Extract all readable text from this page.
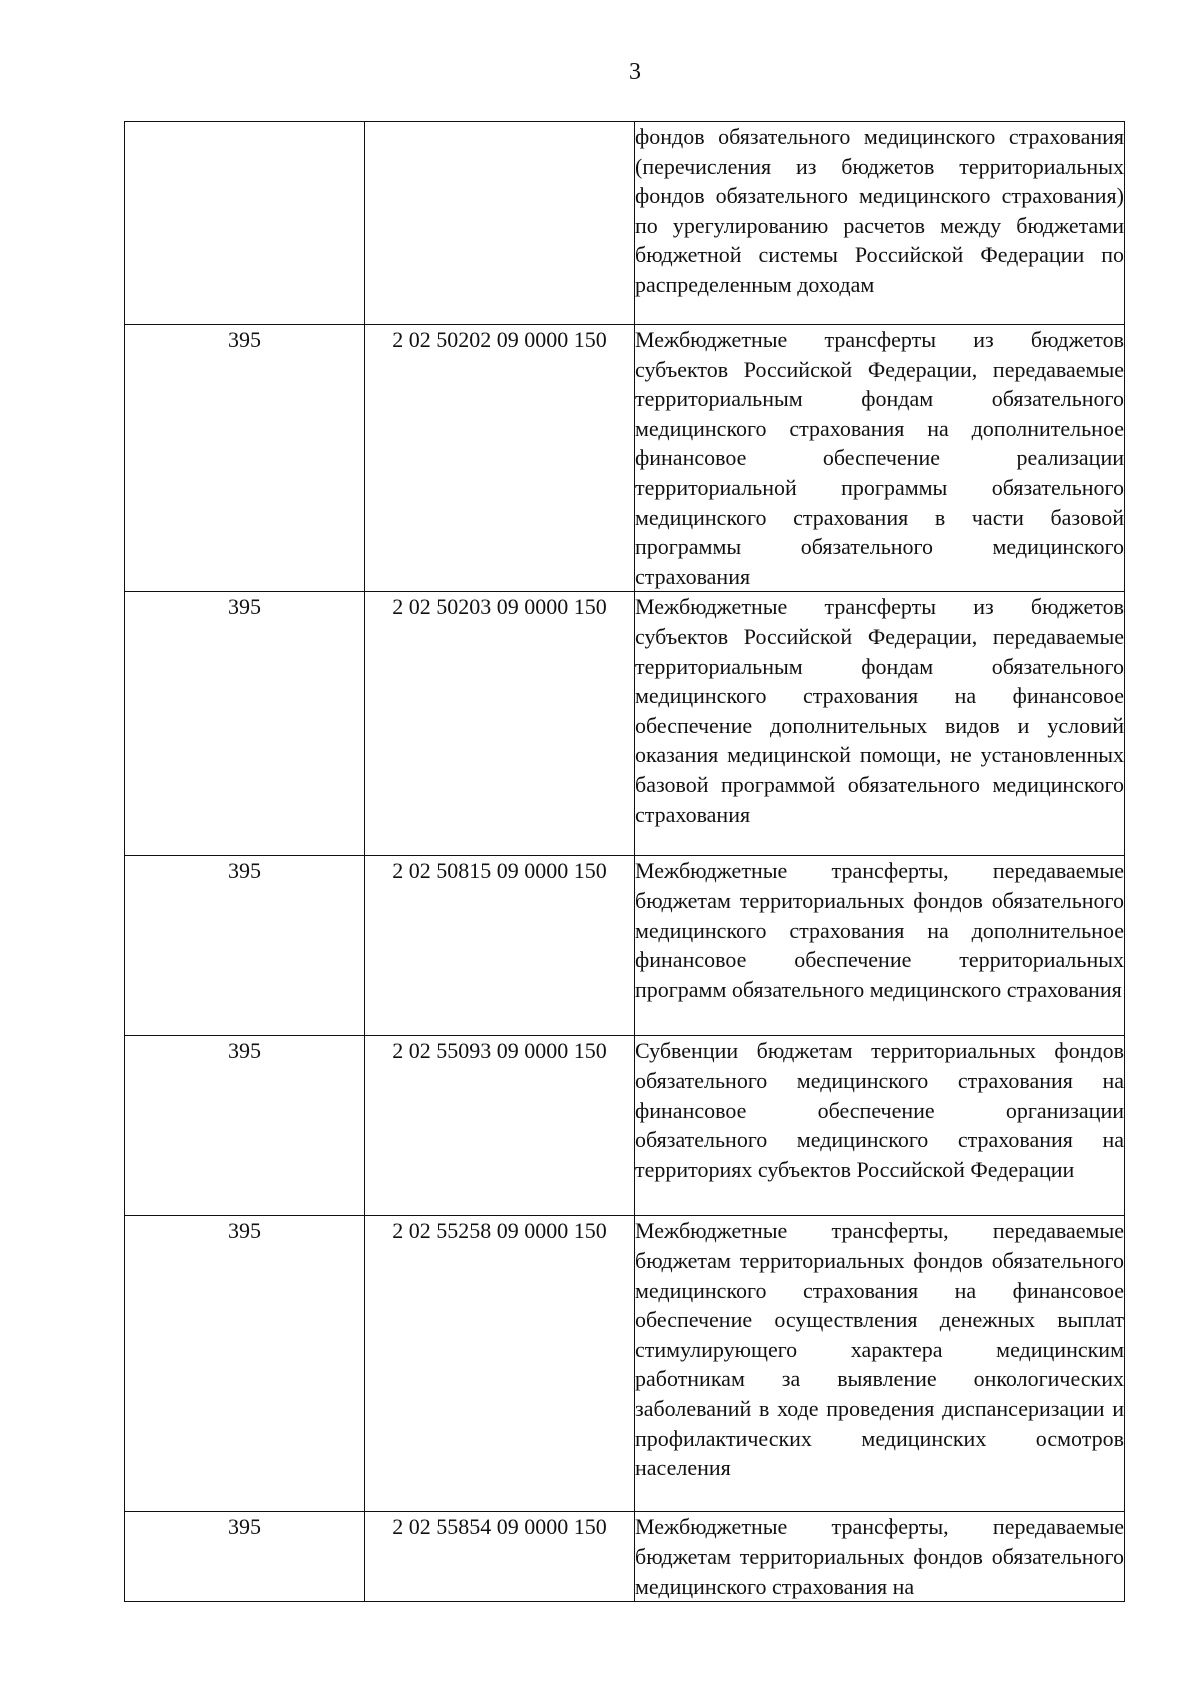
3
		фондов обязательного медицинского страхования (перечисления из бюджетов территориальных фондов обязательного медицинского страхования) по урегулированию расчетов между бюджетами бюджетной системы Российской Федерации по распределенным доходам
395	2 02 50202 09 0000 150	Межбюджетные трансферты из бюджетов субъектов Российской Федерации, передаваемые территориальным фондам обязательного медицинского страхования на дополнительное финансовое обеспечение реализации территориальной программы обязательного медицинского страхования в части базовой программы обязательного медицинского страхования
395	2 02 50203 09 0000 150	Межбюджетные трансферты из бюджетов субъектов Российской Федерации, передаваемые территориальным фондам обязательного медицинского страхования на финансовое обеспечение дополнительных видов и условий оказания медицинской помощи, не установленных базовой программой обязательного медицинского страхования
395	2 02 50815 09 0000 150	Межбюджетные трансферты, передаваемые бюджетам территориальных фондов обязательного медицинского страхования на дополнительное финансовое обеспечение территориальных программ обязательного медицинского страхования
395	2 02 55093 09 0000 150	Субвенции бюджетам территориальных фондов обязательного медицинского страхования на финансовое обеспечение организации обязательного медицинского страхования на территориях субъектов Российской Федерации
395	2 02 55258 09 0000 150	Межбюджетные трансферты, передаваемые бюджетам территориальных фондов обязательного медицинского страхования на финансовое обеспечение осуществления денежных выплат стимулирующего характера медицинским работникам за выявление онкологических заболеваний в ходе проведения диспансеризации и профилактических медицинских осмотров населения
395	2 02 55854 09 0000 150	Межбюджетные трансферты, передаваемые бюджетам территориальных фондов обязательного медицинского страхования на
